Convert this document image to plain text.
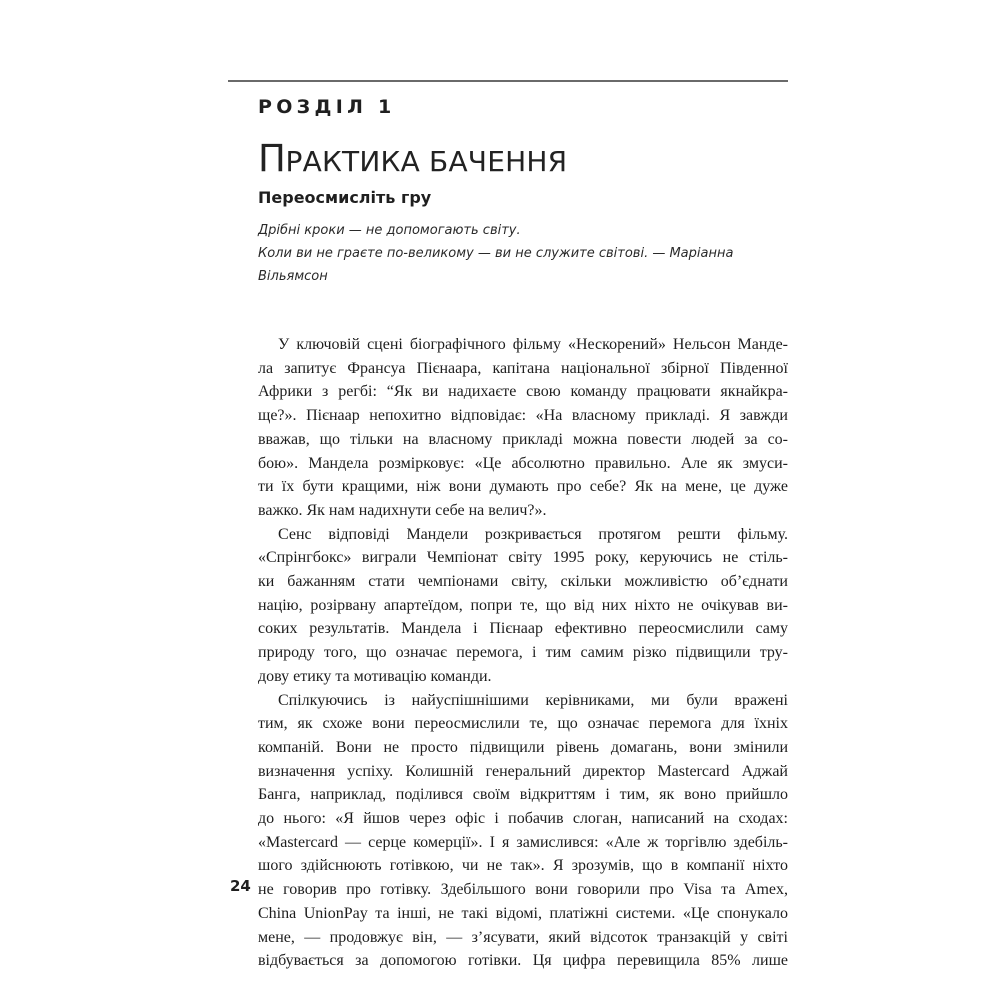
РОЗДІЛ 1
ПРАКТИКА БАЧЕННЯ
Переосмисліть гру
Дрібні кроки — не допомогають світу.
Коли ви не граєте по-великому — ви не служите світові. — Маріанна
Вільямсон
У ключовій сцені біографічного фільму «Нескорений» Нельсон Манде-
ла запитує Франсуа Пієнаара, капітана національної збірної Південної
Африки з регбі: “Як ви надихаєте свою команду працювати якнайкра-
ще?». Пієнаар непохитно відповідає: «На власному прикладі. Я завжди
вважав, що тільки на власному прикладі можна повести людей за со-
бою». Мандела розмірковує: «Це абсолютно правильно. Але як змуси-
ти їх бути кращими, ніж вони думають про себе? Як на мене, це дуже
важко. Як нам надихнути себе на велич?».
Сенс відповіді Мандели розкривається протягом решти фільму.
«Спрінгбокс» виграли Чемпіонат світу 1995 року, керуючись не стіль-
ки бажанням стати чемпіонами світу, скільки можливістю об’єднати
націю, розірвану апартеїдом, попри те, що від них ніхто не очікував ви-
соких результатів. Мандела і Пієнаар ефективно переосмислили саму
природу того, що означає перемога, і тим самим різко підвищили тру-
дову етику та мотивацію команди.
Спілкуючись із найуспішнішими керівниками, ми були вражені
тим, як схоже вони переосмислили те, що означає перемога для їхніх
компаній. Вони не просто підвищили рівень домагань, вони змінили
визначення успіху. Колишній генеральний директор Mastercard Аджай
Банга, наприклад, поділився своїм відкриттям і тим, як воно прийшло
до нього: «Я йшов через офіс і побачив слоган, написаний на сходах:
«Mastercard — серце комерції». І я замислився: «Але ж торгівлю здебіль-
шого здійснюють готівкою, чи не так». Я зрозумів, що в компанії ніхто
не говорив про готівку. Здебільшого вони говорили про Visa та Amex,
China UnionPay та інші, не такі відомі, платіжні системи. «Це спонукало
мене, — продовжує він, — з’ясувати, який відсоток транзакцій у світі
відбувається за допомогою готівки. Ця цифра перевищила 85% лише
24
